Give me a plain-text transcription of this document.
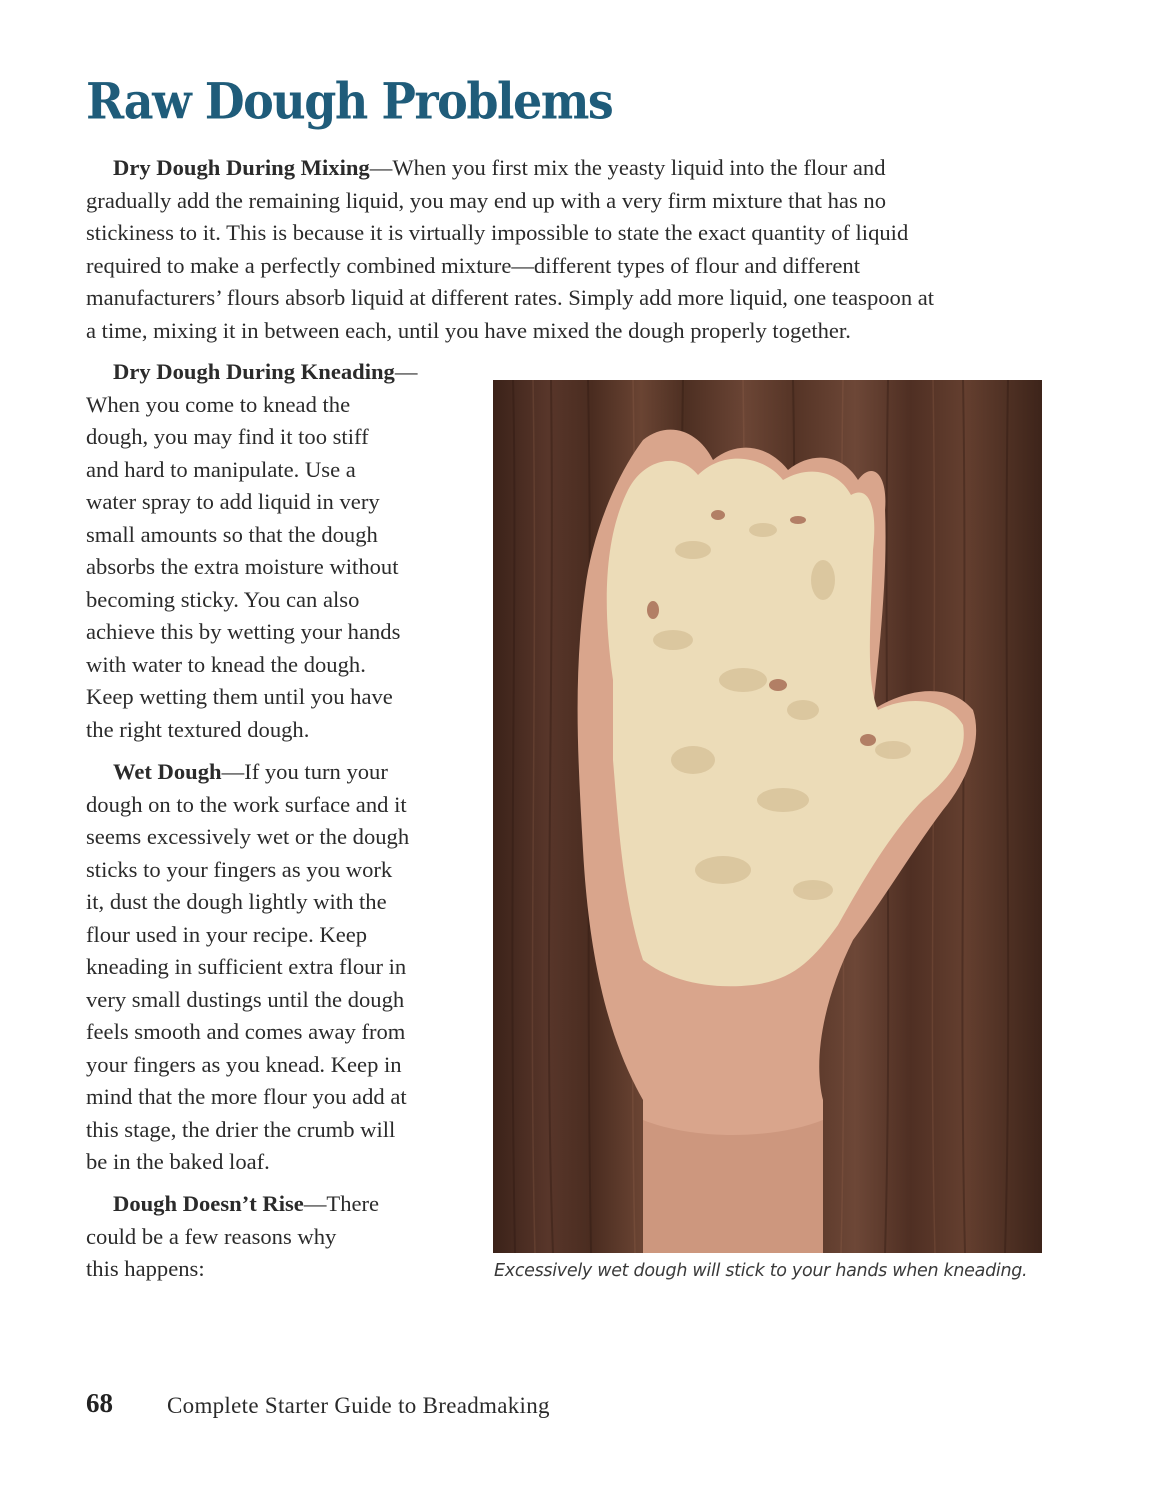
Raw Dough Problems

Dry Dough During Mixing—When you first mix the yeasty liquid into the flour and
gradually add the remaining liquid, you may end up with a very firm mixture that has no
stickiness to it. This is because it is virtually impossible to state the exact quantity of liquid
required to make a perfectly combined mixture—different types of flour and different
manufacturers’ flours absorb liquid at different rates. Simply add more liquid, one teaspoon at
a time, mixing it in between each, until you have mixed the dough properly together.

Dry Dough During Kneading—
When you come to knead the
dough, you may find it too stiff
and hard to manipulate. Use a
water spray to add liquid in very
small amounts so that the dough
absorbs the extra moisture without
becoming sticky. You can also
achieve this by wetting your hands
with water to knead the dough.
Keep wetting them until you have
the right textured dough.

Wet Dough—If you turn your
dough on to the work surface and it
seems excessively wet or the dough
sticks to your fingers as you work
it, dust the dough lightly with the
flour used in your recipe. Keep
kneading in sufficient extra flour in
very small dustings until the dough
feels smooth and comes away from
your fingers as you knead. Keep in
mind that the more flour you add at
this stage, the drier the crumb will
be in the baked loaf.

Dough Doesn’t Rise—There
could be a few reasons why
this happens:	Excessively wet dough will stick to your hands when kneading.

68 Complete Starter Guide to Breadmaking
